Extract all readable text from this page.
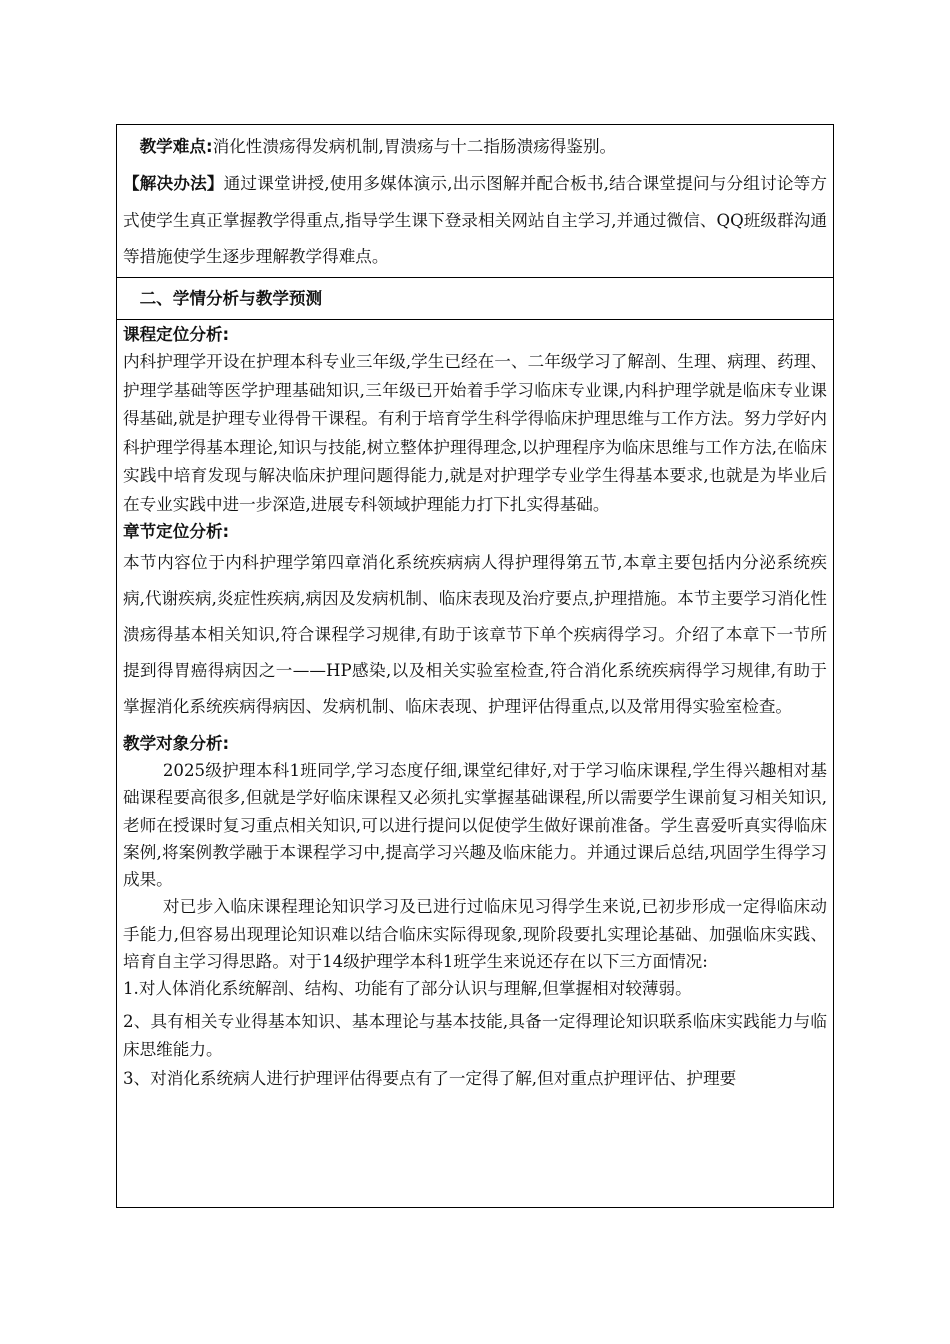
教学难点:消化性溃疡得发病机制,胃溃疡与十二指肠溃疡得鉴别。

【解决办法】通过课堂讲授,使用多媒体演示,出示图解并配合板书,结合课堂提问与分组讨论等方式使学生真正掌握教学得重点,指导学生课下登录相关网站自主学习,并通过微信、QQ班级群沟通等措施使学生逐步理解教学得难点。

二、学情分析与教学预测

课程定位分析:

内科护理学开设在护理本科专业三年级,学生已经在一、二年级学习了解剖、生理、病理、药理、护理学基础等医学护理基础知识,三年级已开始着手学习临床专业课,内科护理学就是临床专业课得基础,就是护理专业得骨干课程。有利于培育学生科学得临床护理思维与工作方法。努力学好内科护理学得基本理论,知识与技能,树立整体护理得理念,以护理程序为临床思维与工作方法,在临床实践中培育发现与解决临床护理问题得能力,就是对护理学专业学生得基本要求,也就是为毕业后在专业实践中进一步深造,进展专科领域护理能力打下扎实得基础。

章节定位分析:

本节内容位于内科护理学第四章消化系统疾病病人得护理得第五节,本章主要包括内分泌系统疾病,代谢疾病,炎症性疾病,病因及发病机制、临床表现及治疗要点,护理措施。本节主要学习消化性溃疡得基本相关知识,符合课程学习规律,有助于该章节下单个疾病得学习。介绍了本章下一节所提到得胃癌得病因之一——HP感染,以及相关实验室检查,符合消化系统疾病得学习规律,有助于掌握消化系统疾病得病因、发病机制、临床表现、护理评估得重点,以及常用得实验室检查。

教学对象分析:

2025级护理本科1班同学,学习态度仔细,课堂纪律好,对于学习临床课程,学生得兴趣相对基础课程要高很多,但就是学好临床课程又必须扎实掌握基础课程,所以需要学生课前复习相关知识,老师在授课时复习重点相关知识,可以进行提问以促使学生做好课前准备。学生喜爱听真实得临床案例,将案例教学融于本课程学习中,提高学习兴趣及临床能力。并通过课后总结,巩固学生得学习成果。

对已步入临床课程理论知识学习及已进行过临床见习得学生来说,已初步形成一定得临床动手能力,但容易出现理论知识难以结合临床实际得现象,现阶段要扎实理论基础、加强临床实践、培育自主学习得思路。对于14级护理学本科1班学生来说还存在以下三方面情况:

1.对人体消化系统解剖、结构、功能有了部分认识与理解,但掌握相对较薄弱。

2、具有相关专业得基本知识、基本理论与基本技能,具备一定得理论知识联系临床实践能力与临床思维能力。

3、对消化系统病人进行护理评估得要点有了一定得了解,但对重点护理评估、护理要
